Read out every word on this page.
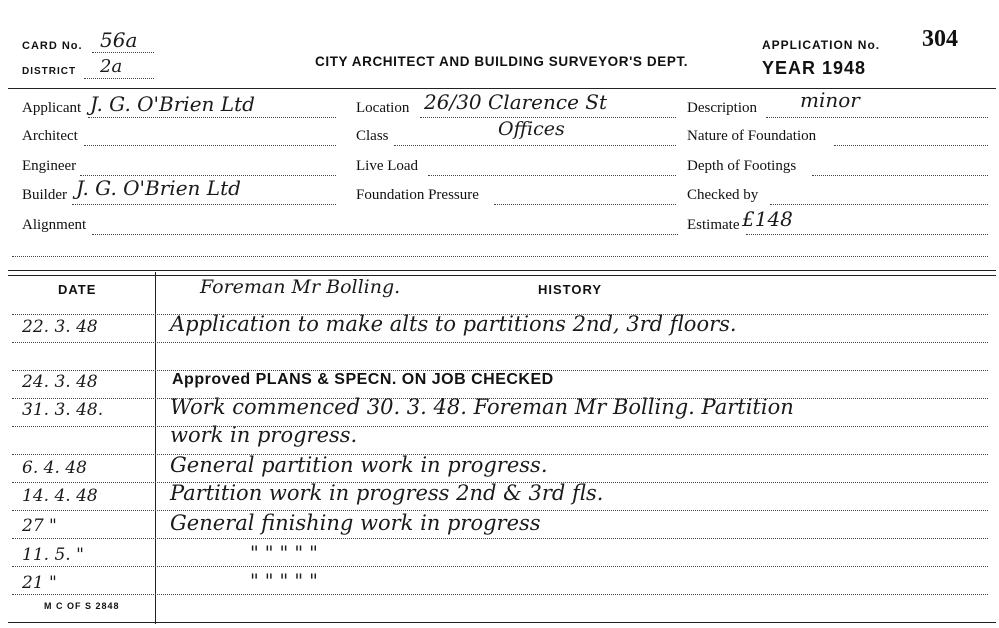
CARD No. 56a
DISTRICT 2a	CITY ARCHITECT AND BUILDING SURVEYOR'S DEPT.
APPLICATION No. 304
YEAR 1948
Applicant J. G. O'Brien Ltd
Architect
Engineer
Builder J. G. O'Brien Ltd
Alignment
Location 26/30 Clarence St
Class	Offices
Live Load
Foundation Pressure
Description minor
Nature of Foundation
Depth of Footings
Checked by
Estimate £148
DATE	Foreman Mr Bolling.	HISTORY
22. 3. 48	Application to make alts to partitions 2nd, 3rd floors.
24. 3. 48	Approved PLANS & SPECN. ON JOB CHECKED
31. 3. 48.	Work commenced 30. 3. 48. Foreman Mr Bolling. Partition
work in progress.
6. 4. 48	General partition work in progress.
14. 4. 48	Partition work in progress 2nd & 3rd fls.
27 "	General finishing work in progress
11. 5. "	" " " " "
21 "	" " " " "
M C OF S 2848
